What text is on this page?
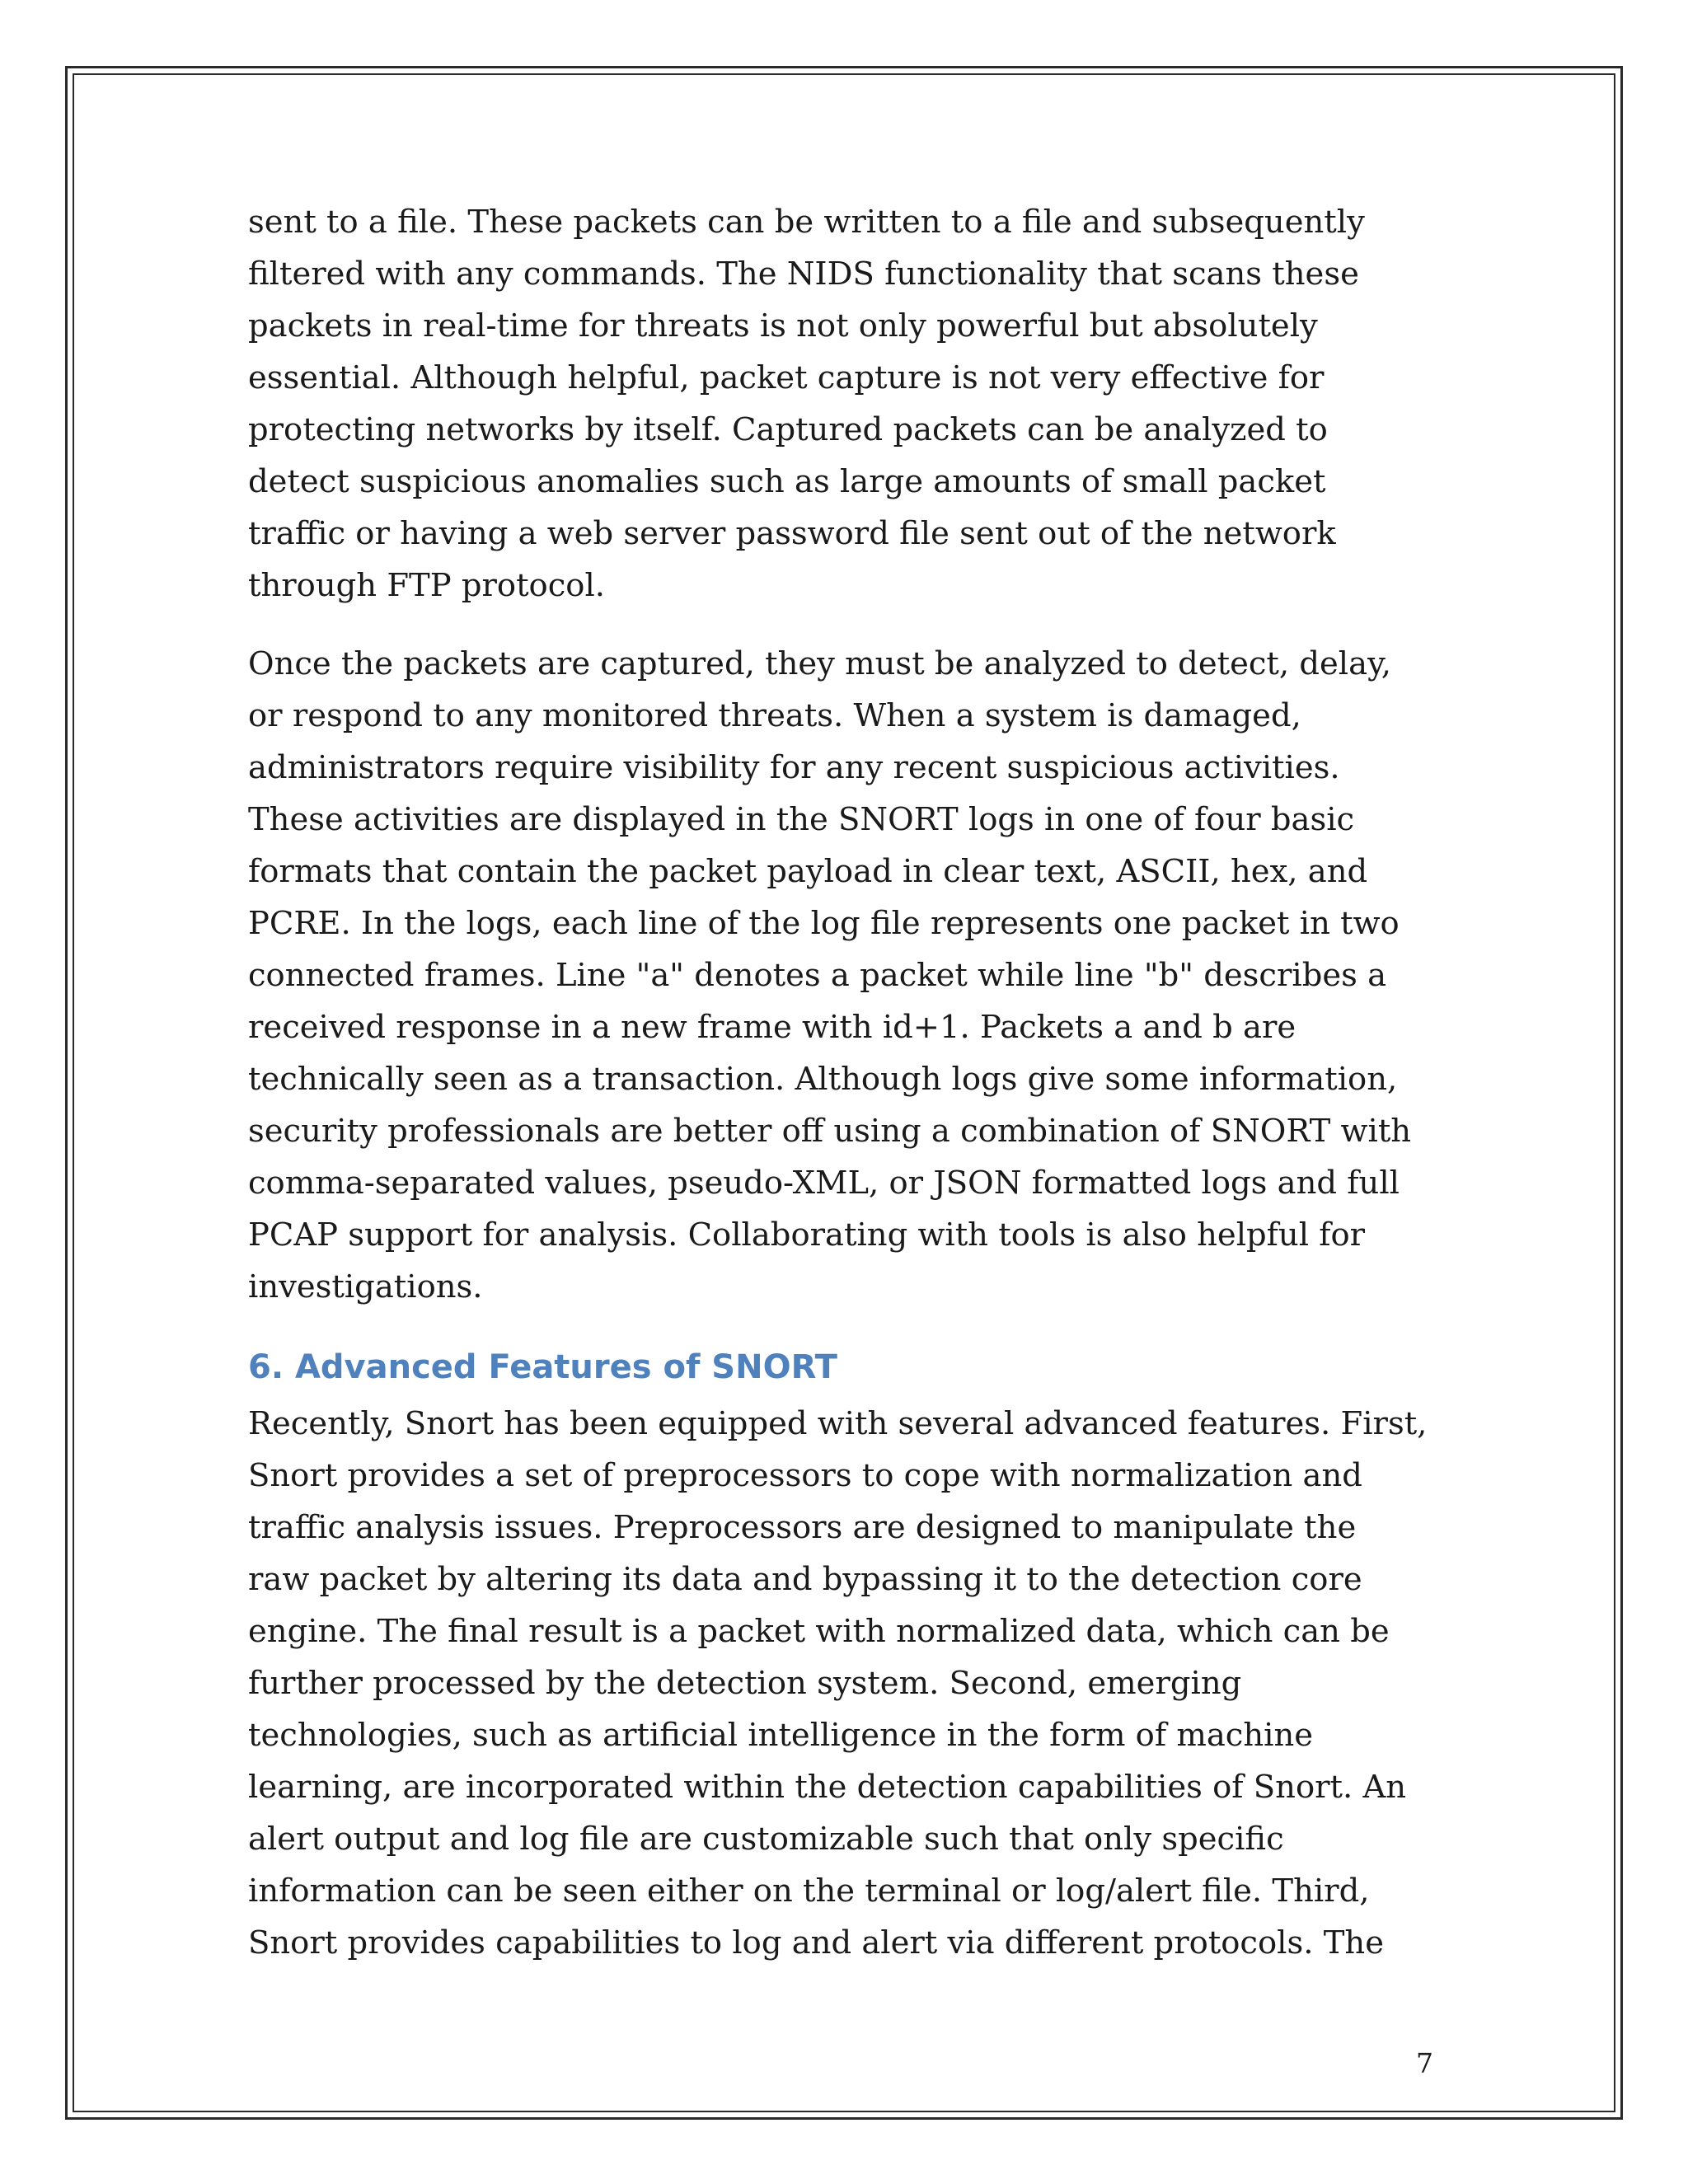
sent to a file. These packets can be written to a file and subsequently
filtered with any commands. The NIDS functionality that scans these
packets in real-time for threats is not only powerful but absolutely
essential. Although helpful, packet capture is not very effective for
protecting networks by itself. Captured packets can be analyzed to
detect suspicious anomalies such as large amounts of small packet
traffic or having a web server password file sent out of the network
through FTP protocol.

Once the packets are captured, they must be analyzed to detect, delay,
or respond to any monitored threats. When a system is damaged,
administrators require visibility for any recent suspicious activities.
These activities are displayed in the SNORT logs in one of four basic
formats that contain the packet payload in clear text, ASCII, hex, and
PCRE. In the logs, each line of the log file represents one packet in two
connected frames. Line "a" denotes a packet while line "b" describes a
received response in a new frame with id+1. Packets a and b are
technically seen as a transaction. Although logs give some information,
security professionals are better off using a combination of SNORT with
comma-separated values, pseudo-XML, or JSON formatted logs and full
PCAP support for analysis. Collaborating with tools is also helpful for
investigations.

6. Advanced Features of SNORT

Recently, Snort has been equipped with several advanced features. First,
Snort provides a set of preprocessors to cope with normalization and
traffic analysis issues. Preprocessors are designed to manipulate the
raw packet by altering its data and bypassing it to the detection core
engine. The final result is a packet with normalized data, which can be
further processed by the detection system. Second, emerging
technologies, such as artificial intelligence in the form of machine
learning, are incorporated within the detection capabilities of Snort. An
alert output and log file are customizable such that only specific
information can be seen either on the terminal or log/alert file. Third,
Snort provides capabilities to log and alert via different protocols. The

7
